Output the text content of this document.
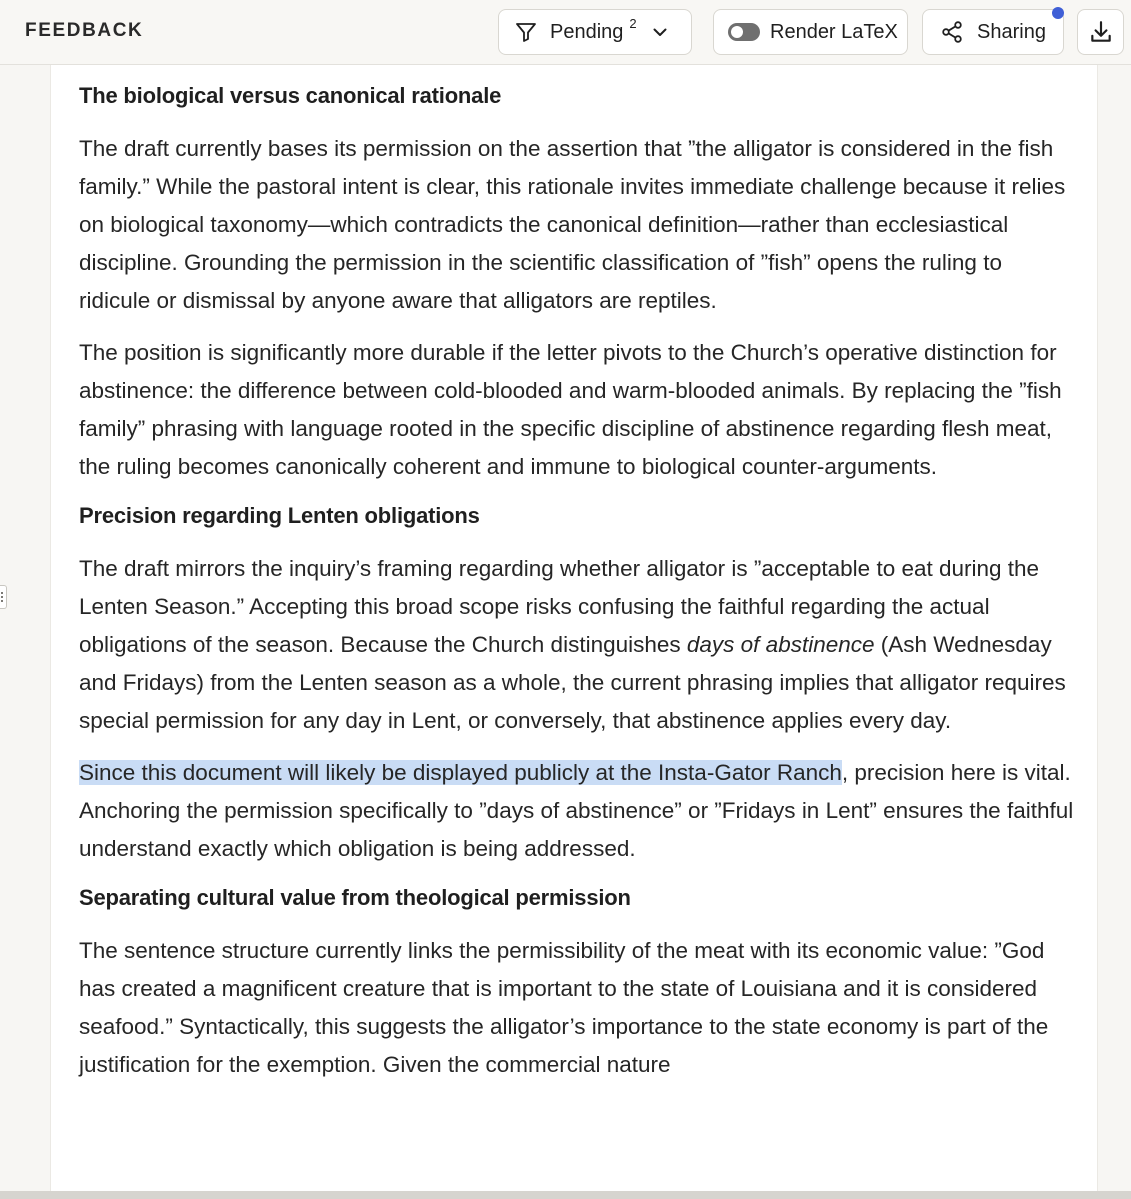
FEEDBACK	Pending 2	Render LaTeX	Sharing
The biological versus canonical rationale

The draft currently bases its permission on the assertion that ”the alligator is considered in the fish family.” While the pastoral intent is clear, this rationale invites immediate challenge because it relies on biological taxonomy—which contradicts the canonical definition—rather than ecclesiastical discipline. Grounding the permission in the scientific classification of ”fish” opens the ruling to ridicule or dismissal by anyone aware that alligators are reptiles.

The position is significantly more durable if the letter pivots to the Church’s operative distinction for abstinence: the difference between cold-blooded and warm-blooded animals. By replacing the ”fish family” phrasing with language rooted in the specific discipline of abstinence regarding flesh meat, the ruling becomes canonically coherent and immune to biological counter-arguments.

Precision regarding Lenten obligations

The draft mirrors the inquiry’s framing regarding whether alligator is ”acceptable to eat during the Lenten Season.” Accepting this broad scope risks confusing the faithful regarding the actual obligations of the season. Because the Church distinguishes days of abstinence (Ash Wednesday and Fridays) from the Lenten season as a whole, the current phrasing implies that alligator requires special permission for any day in Lent, or conversely, that abstinence applies every day.

Since this document will likely be displayed publicly at the Insta-Gator Ranch, precision here is vital. Anchoring the permission specifically to ”days of abstinence” or ”Fridays in Lent” ensures the faithful understand exactly which obligation is being addressed.

Separating cultural value from theological permission

The sentence structure currently links the permissibility of the meat with its economic value: ”God has created a magnificent creature that is important to the state of Louisiana and it is considered seafood.” Syntactically, this suggests the alligator’s importance to the state economy is part of the justification for the exemption. Given the commercial nature
